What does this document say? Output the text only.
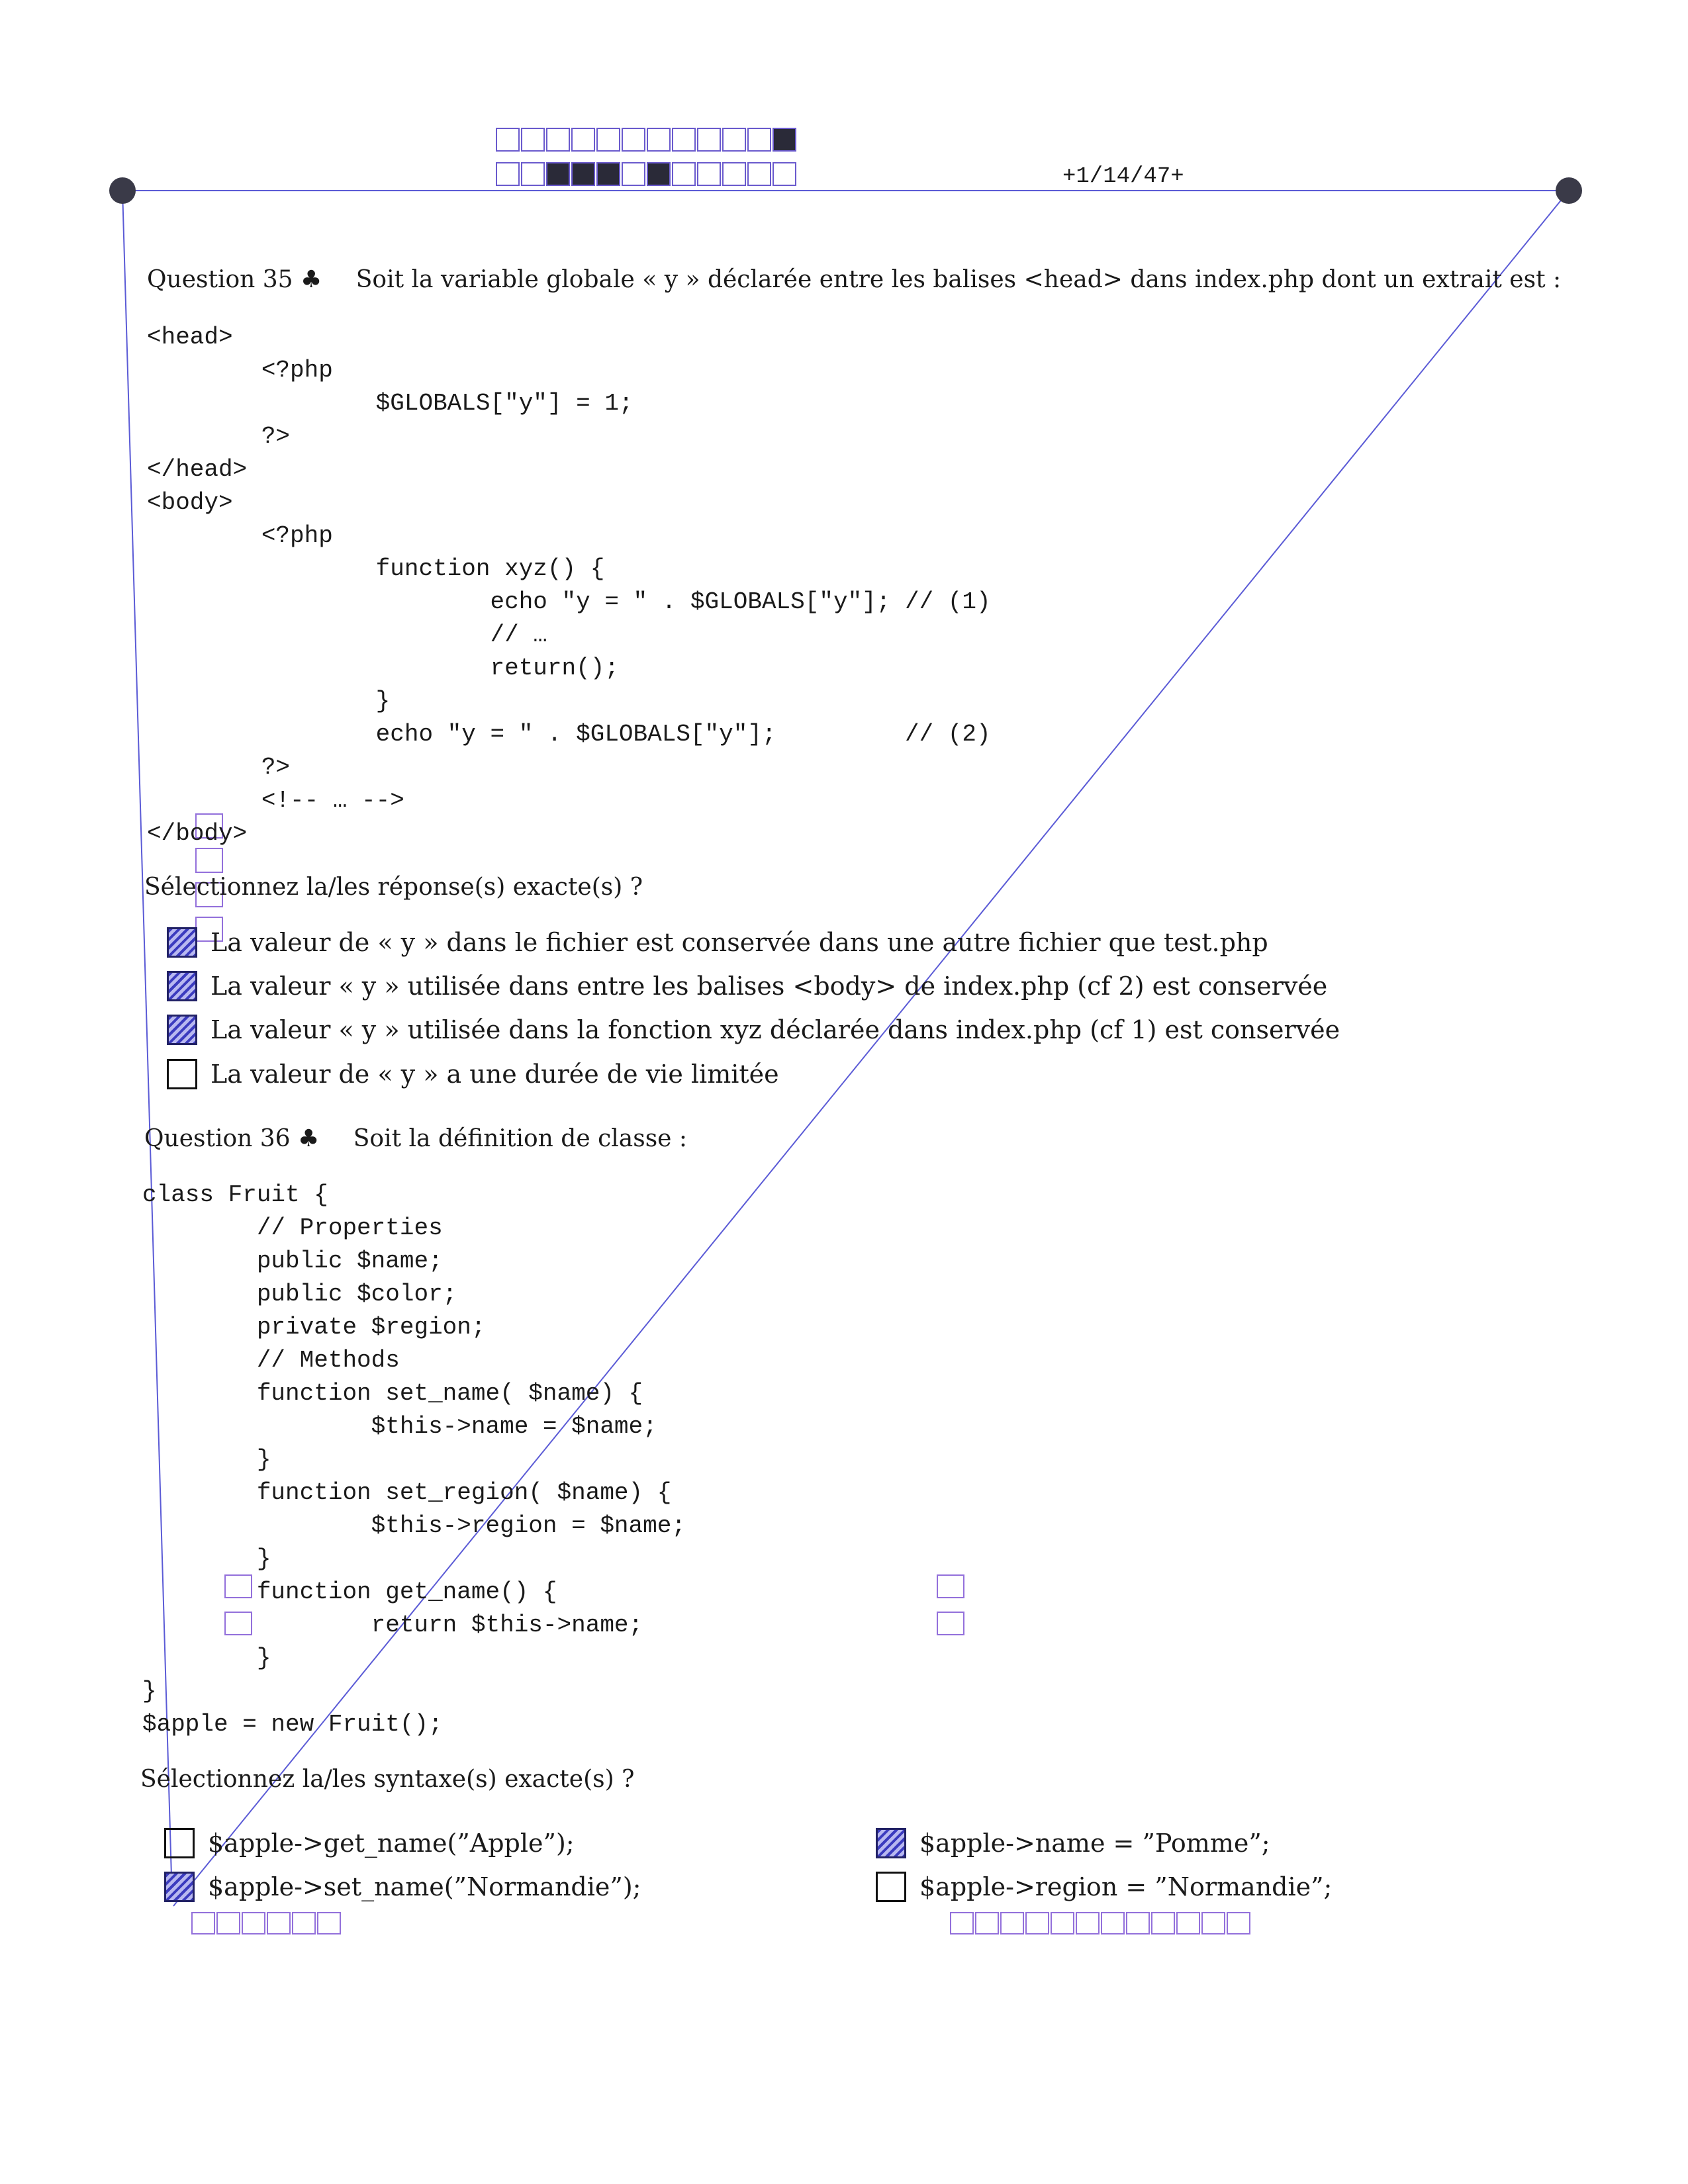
+1/14/47+
Question 35 ♣ Soit la variable globale « y » déclarée entre les balises <head> dans index.php dont un extrait est :
<head>
<?php
$GLOBALS["y"] = 1;
?>
</head>
<body>
<?php
function xyz() {
echo "y = " . $GLOBALS["y"]; // (1)
// …
return();
}
echo "y = " . $GLOBALS["y"];         // (2)
?>
<!-- … -->
</body>
Sélectionnez la/les réponse(s) exacte(s) ?
La valeur de « y » dans le fichier est conservée dans une autre fichier que test.php
La valeur « y » utilisée dans entre les balises <body> de index.php (cf 2) est conservée
La valeur « y » utilisée dans la fonction xyz déclarée dans index.php (cf 1) est conservée
La valeur de « y » a une durée de vie limitée
Question 36 ♣ Soit la définition de classe :
class Fruit {
// Properties
public $name;
public $color;
private $region;
// Methods
function set_name( $name) {
$this->name = $name;
}
function set_region( $name) {
$this->region = $name;
}
function get_name() {
return $this->name;
}
}
$apple = new Fruit();
Sélectionnez la/les syntaxe(s) exacte(s) ?
$apple->get_name(”Apple”);
$apple->set_name(”Normandie”);
$apple->name = ”Pomme”;
$apple->region = ”Normandie”;
